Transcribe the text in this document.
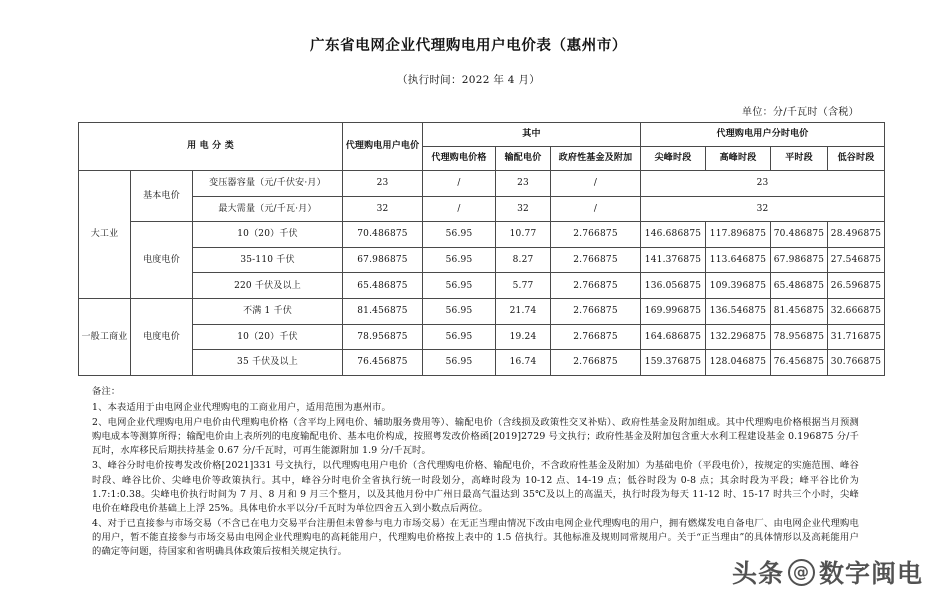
广东省电网企业代理购电用户电价表（惠州市）
（执行时间：2022 年 4 月）
单位：分/千瓦时（含税）
用 电 分 类			代理购电用户电价	其中			代理购电用户分时电价			
				代理购电价格	输配电价	政府性基金及附加	尖峰时段	高峰时段	平时段	低谷时段
大工业	基本电价	变压器容量（元/千伏安·月）	23	/	23	/	23			
		最大需量（元/千瓦·月）	32	/	32	/	32			
	电度电价	10（20）千伏	70.486875	56.95	10.77	2.766875	146.686875	117.896875	70.486875	28.496875
		35-110 千伏	67.986875	56.95	8.27	2.766875	141.376875	113.646875	67.986875	27.546875
		220 千伏及以上	65.486875	56.95	5.77	2.766875	136.056875	109.396875	65.486875	26.596875
一般工商业	电度电价	不满 1 千伏	81.456875	56.95	21.74	2.766875	169.996875	136.546875	81.456875	32.666875
		10（20）千伏	78.956875	56.95	19.24	2.766875	164.686875	132.296875	78.956875	31.716875
		35 千伏及以上	76.456875	56.95	16.74	2.766875	159.376875	128.046875	76.456875	30.766875

备注：

1、本表适用于由电网企业代理购电的工商业用户，适用范围为惠州市。

2、电网企业代理购电用户电价由代理购电价格（含平均上网电价、辅助服务费用等）、输配电价（含线损及政策性交叉补贴）、政府性基金及附加组成。其中代理购电价格根据当月预测购电成本等测算所得；输配电价由上表所列的电度输配电价、基本电价构成，按照粤发改价格函[2019]2729 号文执行；政府性基金及附加包含重大水利工程建设基金 0.196875 分/千瓦时，水库移民后期扶持基金 0.67 分/千瓦时，可再生能源附加 1.9 分/千瓦时。

3、峰谷分时电价按粤发改价格[2021]331 号文执行，以代理购电用户电价（含代理购电价格、输配电价，不含政府性基金及附加）为基础电价（平段电价），按规定的实施范围、峰谷时段、峰谷比价、尖峰电价等政策执行。其中，峰谷分时电价全省执行统一时段划分，高峰时段为 10-12 点、14-19 点；低谷时段为 0-8 点；其余时段为平段；峰平谷比价为 1.7:1:0.38。尖峰电价执行时间为 7 月、8 月和 9 月三个整月，以及其他月份中广州日最高气温达到 35℃及以上的高温天，执行时段为每天 11-12 时、15-17 时共三个小时，尖峰电价在峰段电价基础上上浮 25%。具体电价水平以分/千瓦时为单位四舍五入到小数点后两位。

4、对于已直接参与市场交易（不含已在电力交易平台注册但未曾参与电力市场交易）在无正当理由情况下改由电网企业代理购电的用户，拥有燃煤发电自备电厂、由电网企业代理购电的用户，暂不能直接参与市场交易由电网企业代理购电的高耗能用户，代理购电价格按上表中的 1.5 倍执行。其他标准及规则同常规用户。关于“正当理由”的具体情形以及高耗能用户的确定等问题，待国家和省明确具体政策后按相关规定执行。

头条 @ 数字闽电
